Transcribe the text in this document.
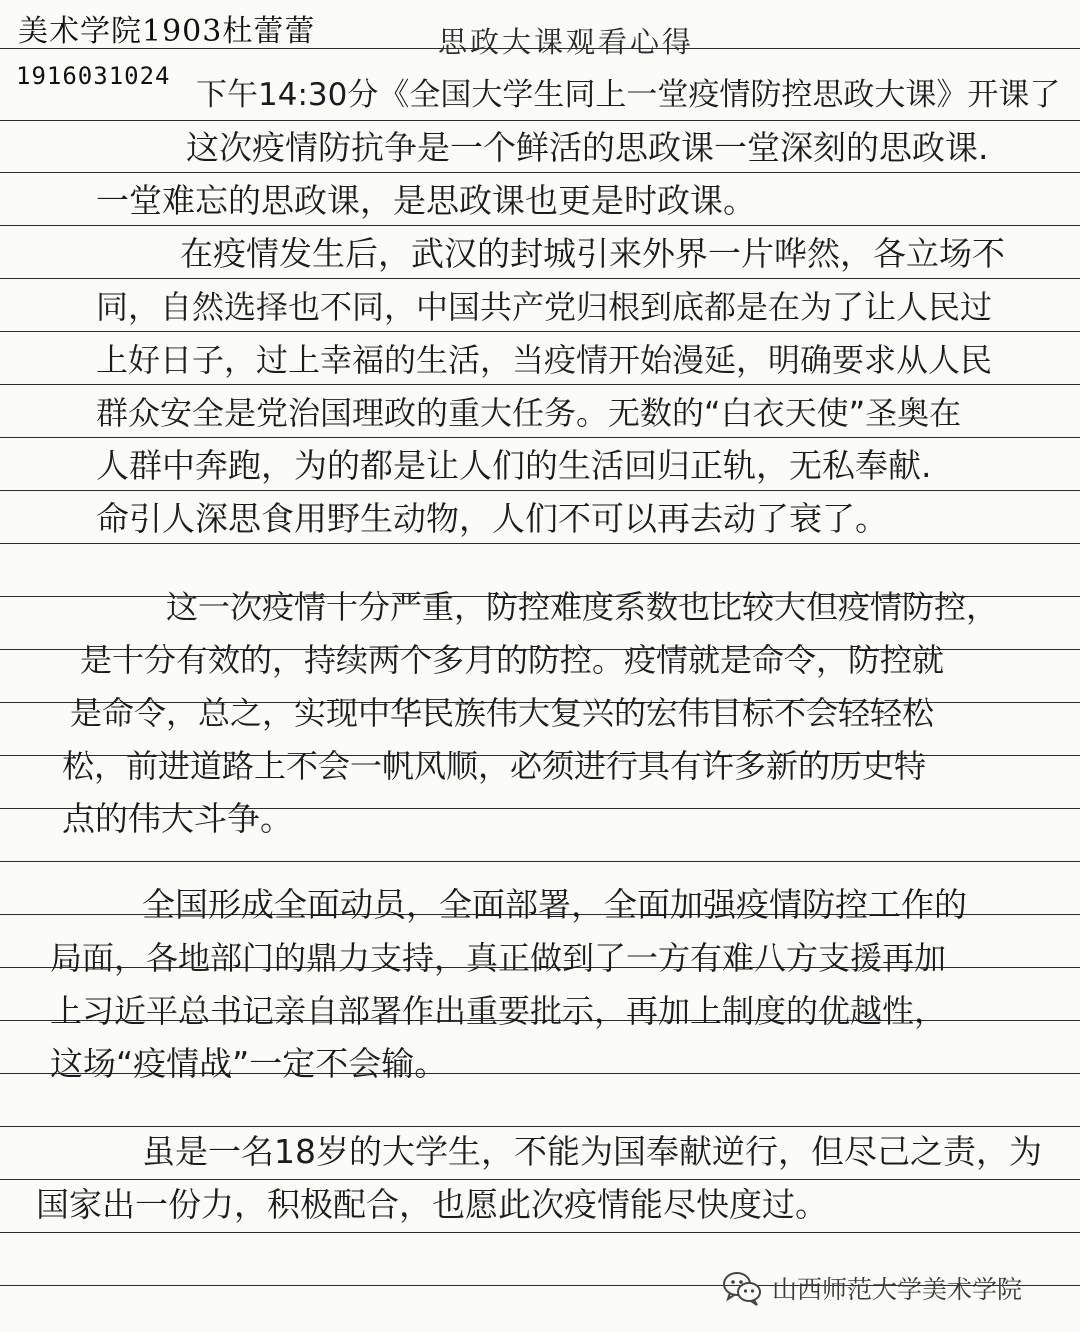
美术学院1903杜蕾蕾
1916031024
思政大课观看心得
下午14:30分《全国大学生同上一堂疫情防控思政大课》开课了
这次疫情防抗争是一个鲜活的思政课一堂深刻的思政课.
一堂难忘的思政课，是思政课也更是时政课。
在疫情发生后，武汉的封城引来外界一片哗然，各立场不
同，自然选择也不同，中国共产党归根到底都是在为了让人民过
上好日子，过上幸福的生活，当疫情开始漫延，明确要求从人民
群众安全是党治国理政的重大任务。无数的“白衣天使”圣奥在
人群中奔跑，为的都是让人们的生活回归正轨，无私奉献.
命引人深思食用野生动物，人们不可以再去动了衰了。
这一次疫情十分严重，防控难度系数也比较大但疫情防控，
是十分有效的，持续两个多月的防控。疫情就是命令，防控就
是命令，总之，实现中华民族伟大复兴的宏伟目标不会轻轻松
松，前进道路上不会一帆风顺，必须进行具有许多新的历史特
点的伟大斗争。
全国形成全面动员，全面部署，全面加强疫情防控工作的
局面，各地部门的鼎力支持，真正做到了一方有难八方支援再加
上习近平总书记亲自部署作出重要批示，再加上制度的优越性，
这场“疫情战”一定不会输。
虽是一名18岁的大学生，不能为国奉献逆行，但尽己之责，为
国家出一份力，积极配合，也愿此次疫情能尽快度过。
山西师范大学美术学院
